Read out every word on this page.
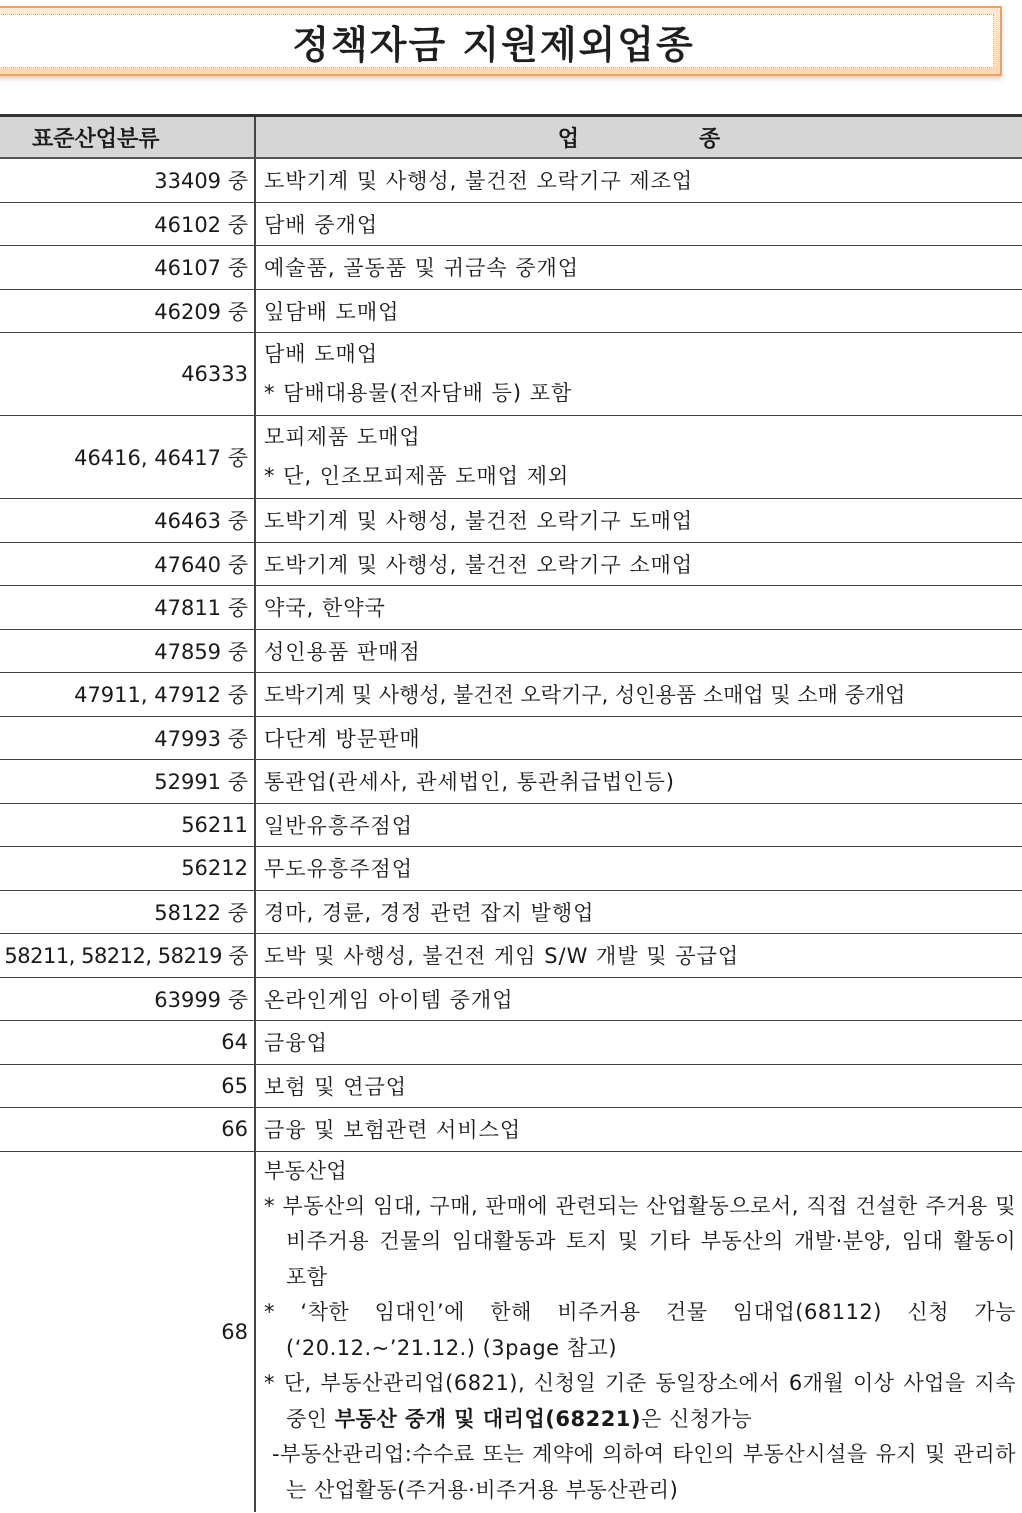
정책자금 지원제외업종
표준산업분류	업 종

33409 중	도박기계 및 사행성, 불건전 오락기구 제조업
46102 중	담배 중개업
46107 중	예술품, 골동품 및 귀금속 중개업
46209 중	잎담배 도매업
46333	담배 도매업
* 담배대용물(전자담배 등) 포함

46416, 46417 중	모피제품 도매업
* 단, 인조모피제품 도매업 제외

46463 중	도박기계 및 사행성, 불건전 오락기구 도매업
47640 중	도박기계 및 사행성, 불건전 오락기구 소매업
47811 중	약국, 한약국
47859 중	성인용품 판매점
47911, 47912 중	도박기계 및 사행성, 불건전 오락기구, 성인용품 소매업 및 소매 중개업
47993 중	다단계 방문판매
52991 중	통관업(관세사, 관세법인, 통관취급법인등)
56211	일반유흥주점업
56212	무도유흥주점업
58122 중	경마, 경륜, 경정 관련 잡지 발행업
58211, 58212, 58219 중	도박 및 사행성, 불건전 게임 S/W 개발 및 공급업
63999 중	온라인게임 아이템 중개업
64	금융업
65	보험 및 연금업
66	금융 및 보험관련 서비스업
68	부동산업
* 부동산의 임대, 구매, 판매에 관련되는 산업활동으로서, 직접 건설한 주거용 및 비주거용 건물의 임대활동과 토지 및 기타 부동산의 개발·분양, 임대 활동이 포함
* ‘착한 임대인’에 한해 비주거용 건물 임대업(68112) 신청 가능 (‘20.12.~’21.12.) (3page 참고)
* 단, 부동산관리업(6821), 신청일 기준 동일장소에서 6개월 이상 사업을 지속 중인 부동산 중개 및 대리업(68221)은 신청가능
-부동산관리업:수수료 또는 계약에 의하여 타인의 부동산시설을 유지 및 관리하는 산업활동(주거용·비주거용 부동산관리)
